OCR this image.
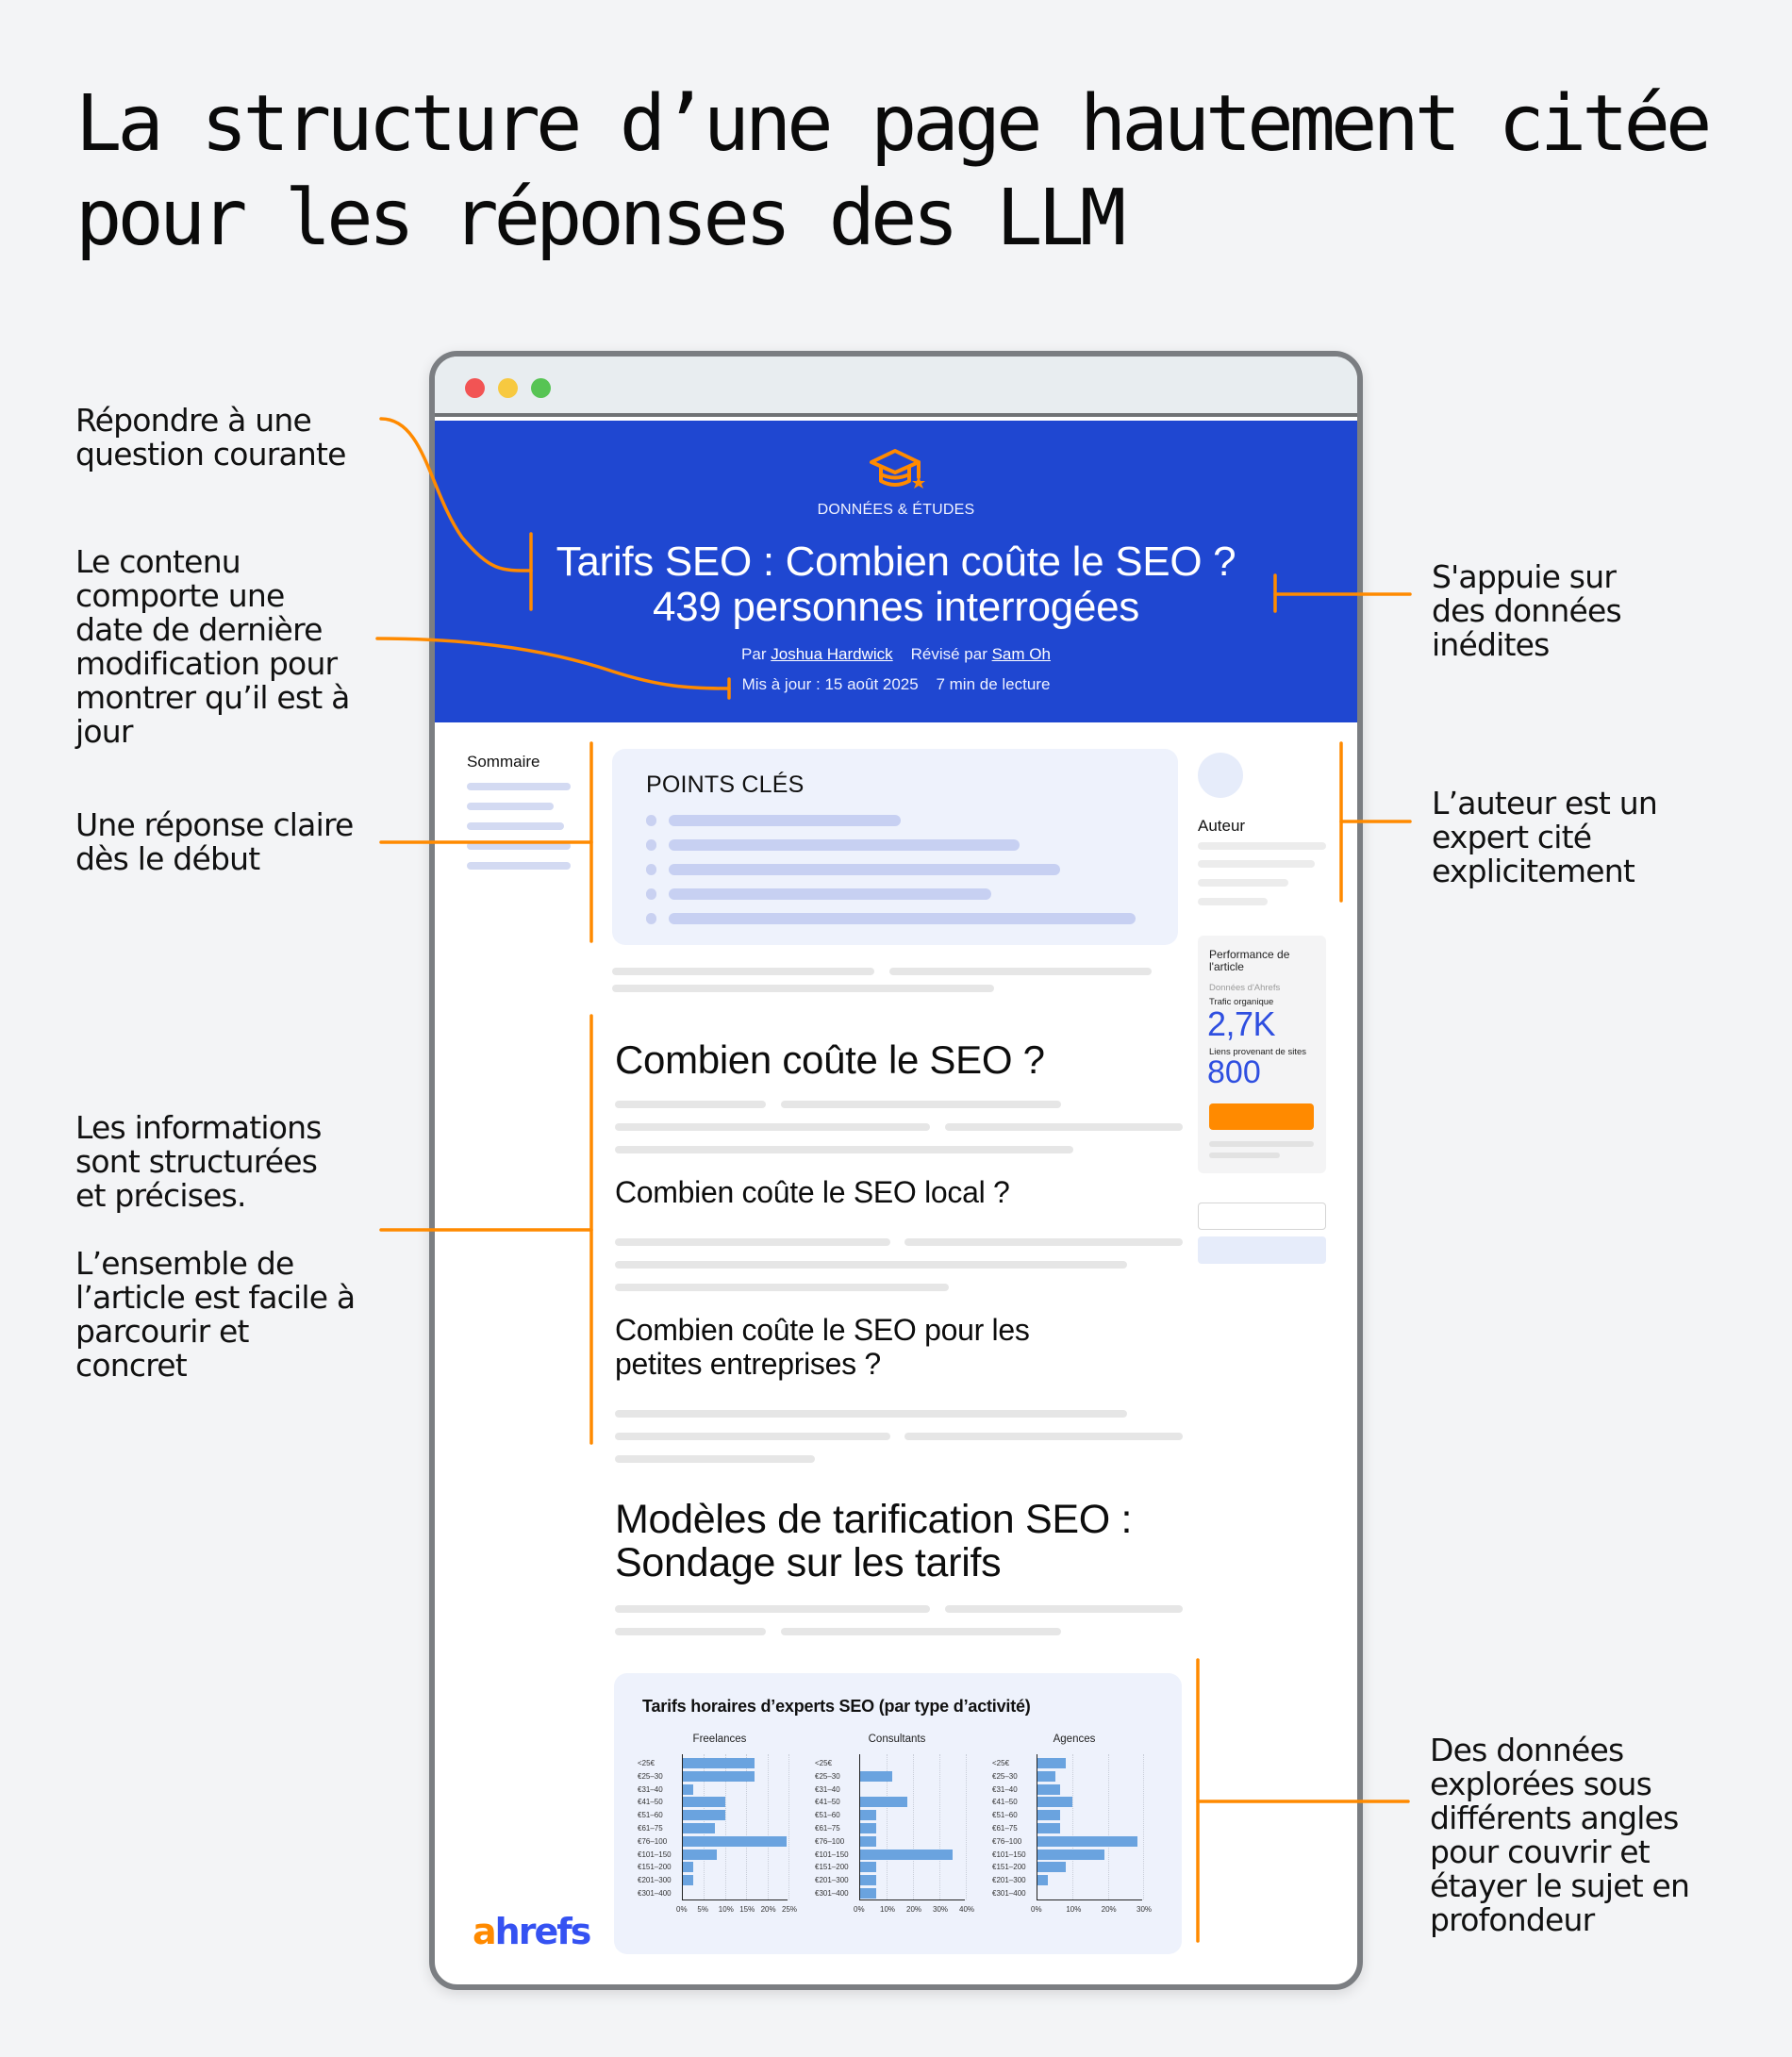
La structure d’une page hautement citée
pour les réponses des LLM
Répondre à une
question courante
Le contenu
comporte une
date de dernière
modification pour
montrer qu’il est à
jour
Une réponse claire
dès le début
Les informations
sont structurées
et précises.
L’ensemble de
l’article est facile à
parcourir et
concret
S'appuie sur
des données
inédites
L’auteur est un
expert cité
explicitement
Des données
explorées sous
différents angles
pour couvrir et
étayer le sujet en
profondeur
DONNÉES & ÉTUDES
Tarifs SEO : Combien coûte le SEO ?
439 personnes interrogées
Par Joshua Hardwick Révisé par Sam Oh
Mis à jour : 15 août 2025 7 min de lecture
Sommaire
POINTS CLÉS
Combien coûte le SEO ?
Combien coûte le SEO local ?
Combien coûte le SEO pour les
petites entreprises ?
Modèles de tarification SEO :
Sondage sur les tarifs
Tarifs horaires d’experts SEO (par type d’activité)
Freelances
<25€
€25–30
€31–40
€41–50
€51–60
€61–75
€76–100
€101–150
€151–200
€201–300
€301–400
0% 5% 10% 15% 20% 25%
Consultants
<25€
€25–30
€31–40
€41–50
€51–60
€61–75
€76–100
€101–150
€151–200
€201–300
€301–400
0% 10% 20% 30% 40%
Agences
<25€
€25–30
€31–40
€41–50
€51–60
€61–75
€76–100
€101–150
€151–200
€201–300
€301–400
0%	10%	20%	30%
Auteur
Performance de l'article
Données d'Ahrefs
Trafic organique
2,7K
Liens provenant de sites
800
ahrefs
